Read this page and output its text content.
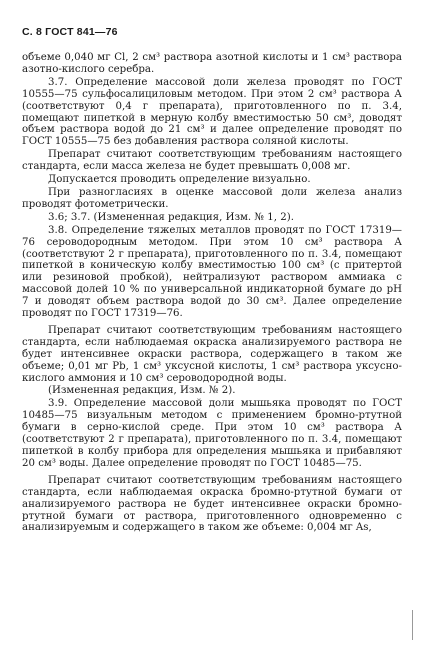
С. 8 ГОСТ 841—76

объеме 0,040 мг Cl, 2 см³ раствора азотной кислоты и 1 см³ раствора азотно-кислого серебра.

3.7. Определение массовой доли железа проводят по ГОСТ 10555—75 сульфосалициловым методом. При этом 2 см³ раствора А (соответствуют 0,4 г препарата), приготовленного по п. 3.4, помещают пипеткой в мерную колбу вместимостью 50 см³, доводят объем раствора водой до 21 см³ и далее определение проводят по ГОСТ 10555—75 без добавления раствора соляной кислоты.

Препарат считают соответствующим требованиям настоящего стандарта, если масса железа не будет превышать 0,008 мг.

Допускается проводить определение визуально.

При разногласиях в оценке массовой доли железа анализ проводят фотометрически.

3.6; 3.7. (Измененная редакция, Изм. № 1, 2).

3.8. Определение тяжелых металлов проводят по ГОСТ 17319—76 сероводородным методом. При этом 10 см³ раствора А (соответствуют 2 г препарата), приготовленного по п. 3.4, помещают пипеткой в коническую колбу вместимостью 100 см³ (с притертой или резиновой пробкой), нейтрализуют раствором аммиака с массовой долей 10 % по универсальной индикаторной бумаге до pH 7 и доводят объем раствора водой до 30 см³. Далее определение проводят по ГОСТ 17319—76.

Препарат считают соответствующим требованиям настоящего стандарта, если наблюдаемая окраска анализируемого раствора не будет интенсивнее окраски раствора, содержащего в таком же объеме; 0,01 мг Pb, 1 см³ уксусной кислоты, 1 см³ раствора уксусно-кислого аммония и 10 см³ сероводородной воды.

(Измененная редакция, Изм. № 2).

3.9. Определение массовой доли мышьяка проводят по ГОСТ 10485—75 визуальным методом с применением бромно-ртутной бумаги в серно-кислой среде. При этом 10 см³ раствора А (соответствуют 2 г препарата), приготовленного по п. 3.4, помещают пипеткой в колбу прибора для определения мышьяка и прибавляют 20 см³ воды. Далее определение проводят по ГОСТ 10485—75.

Препарат считают соответствующим требованиям настоящего стандарта, если наблюдаемая окраска бромно-ртутной бумаги от анализируемого раствора не будет интенсивнее окраски бромно-ртутной бумаги от раствора, приготовленного одновременно с анализируемым и содержащего в таком же объеме: 0,004 мг As,
